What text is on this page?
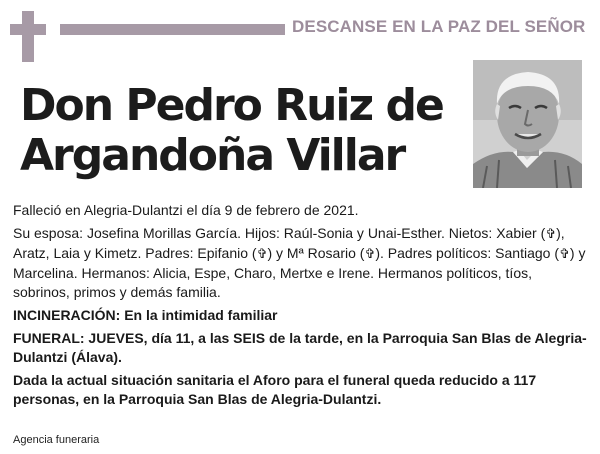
DESCANSE EN LA PAZ DEL SEÑOR
Don Pedro Ruiz de
Argandoña Villar

Falleció en Alegria-Dulantzi el día 9 de febrero de 2021.

Su esposa: Josefina Morillas García. Hijos: Raúl-Sonia y Unai-Esther. Nietos: Xabier (✞), Aratz, Laia y Kimetz. Padres: Epifanio (✞) y Mª Rosario (✞). Padres políticos: Santiago (✞) y Marcelina. Hermanos: Alicia, Espe, Charo, Mertxe e Irene. Hermanos políticos, tíos, sobrinos, primos y demás familia.

INCINERACIÓN: En la intimidad familiar

FUNERAL: JUEVES, día 11, a las SEIS de la tarde, en la Parroquia San Blas de Alegria-Dulantzi (Álava).

Dada la actual situación sanitaria el Aforo para el funeral queda reducido a 117 personas, en la Parroquia San Blas de Alegria-Dulantzi.

Agencia funeraria
